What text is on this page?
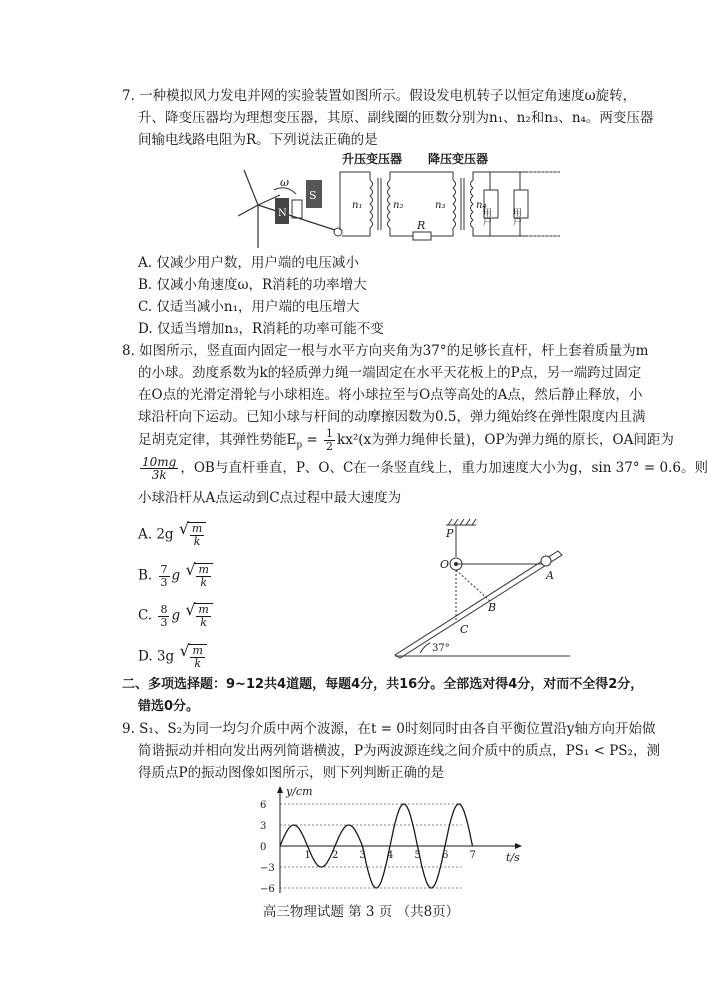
7. 一种模拟风力发电并网的实验装置如图所示。假设发电机转子以恒定角速度ω旋转，
升、降变压器均为理想变压器，其原、副线圈的匝数分别为n₁、n₂和n₃、n₄。两变压器
间输电线路电阻为R。下列说法正确的是
升压变压器 降压变压器
ω
N
S
n₁	n₂	n₃	n₄
R	用户 用户
A. 仅减少用户数，用户端的电压减小
B. 仅减小角速度ω，R消耗的功率增大
C. 仅适当减小n₁，用户端的电压增大
D. 仅适当增加n₃，R消耗的功率可能不变
8. 如图所示，竖直面内固定一根与水平方向夹角为37°的足够长直杆，杆上套着质量为m
的小球。劲度系数为k的轻质弹力绳一端固定在水平天花板上的P点，另一端跨过固定
在O点的光滑定滑轮与小球相连。将小球拉至与O点等高处的A点，然后静止释放，小
球沿杆向下运动。已知小球与杆间的动摩擦因数为0.5，弹力绳始终在弹性限度内且满
足胡克定律，其弹性势能$E_p = \frac{1}{2} kx^2(x$为弹力绳伸长量)，OP为弹力绳的原长，OA间距为
$\frac{10mg}{3k}$ ，OB与直杆垂直，P、O、C在一条竖直线上，重力加速度大小为g，sin 37° = 0.6。则
小球沿杆从A点运动到C点过程中最大速度为
A. 2g √ $\frac{m}{k}$
B. $\frac{7}{3}$ g √ $\frac{m}{k}$
C. $\frac{8}{3}$ g √ $\frac{m}{k}$
D. 3g √ $\frac{m}{k}$
P
O
A
B
C
37°
二、多项选择题：9~12共4道题，每题4分，共16分。全部选对得4分，对而不全得2分，
错选0分。
9. S₁、S₂为同一均匀介质中两个波源，在t = 0时刻同时由各自平衡位置沿y轴方向开始做
简谐振动并相向发出两列简谐横波，P为两波源连线之间介质中的质点，PS₁ < PS₂，测
得质点P的振动图像如图所示，则下列判断正确的是
y/cm
t/s
1 2 3 4 5 6 7
6
3
0
−3
−6
高三物理试题 第 3 页 （共8页）
